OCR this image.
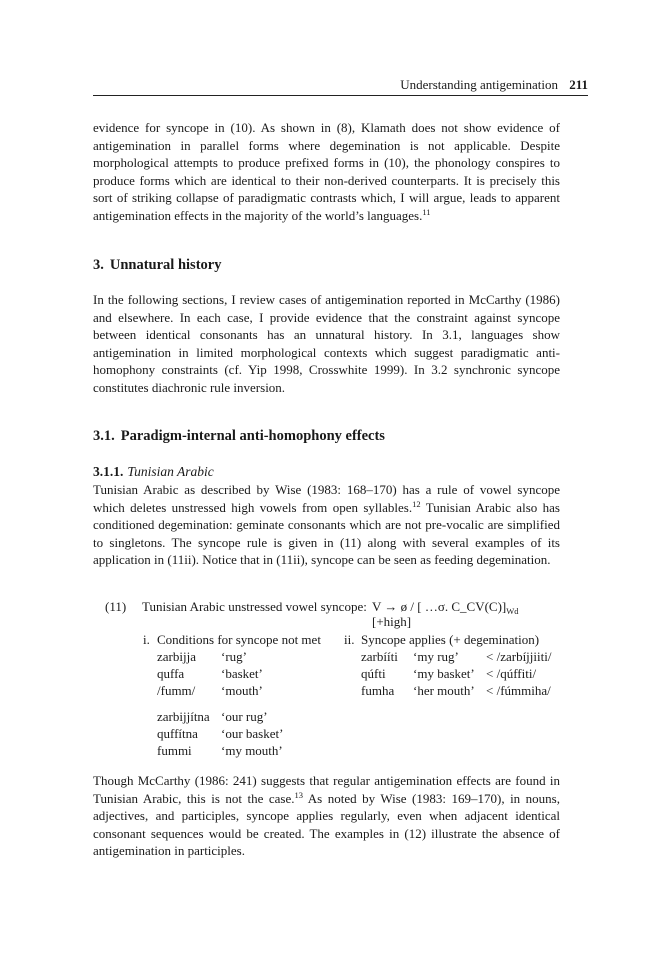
Understanding antigemination 211

evidence for syncope in (10). As shown in (8), Klamath does not show evidence of antigemination in parallel forms where degemination is not applicable. Despite morphological attempts to produce prefixed forms in (10), the phonology conspires to produce forms which are identical to their non-derived counterparts. It is precisely this sort of striking collapse of paradigmatic contrasts which, I will argue, leads to apparent antigemination effects in the majority of the world’s languages.$^{11}$

3. Unnatural history

In the following sections, I review cases of antigemination reported in McCarthy (1986) and elsewhere. In each case, I provide evidence that the constraint against syncope between identical consonants has an unnatural history. In 3.1, languages show antigemination in limited morphological contexts which suggest paradigmatic anti-homophony constraints (cf. Yip 1998, Crosswhite 1999). In 3.2 synchronic syncope constitutes diachronic rule inversion.

3.1. Paradigm-internal anti-homophony effects
3.1.1. Tunisian Arabic

Tunisian Arabic as described by Wise (1983: 168–170) has a rule of vowel syncope which deletes unstressed high vowels from open syllables.$^{12}$ Tunisian Arabic also has conditioned degemination: geminate consonants which are not pre-vocalic are simplified to singletons. The syncope rule is given in (11) along with several examples of its application in (11ii). Notice that in (11ii), syncope can be seen as feeding degemination.

(11) Tunisian Arabic unstressed vowel syncope: V → ø / [ …σ. $C\_CV(C)]_{Wd}$
[+high]
i. Conditions for syncope not met ii. Syncope applies (+ degemination)
zarbijja ‘rug’	zarbííti ‘my rug’ < /zarbíjjiiti/
quffa	‘basket’	qúfti ‘my basket’ < /qúffiti/
/fumm/ ‘mouth’	fumha ‘her mouth’ < /fúmmiha/
zarbijjítna ‘our rug’
quffítna ‘our basket’
fummi ‘my mouth’

Though McCarthy (1986: 241) suggests that regular antigemination effects are found in Tunisian Arabic, this is not the case.$^{13}$ As noted by Wise (1983: 169–170), in nouns, adjectives, and participles, syncope applies regularly, even when adjacent identical consonant sequences would be created. The examples in (12) illustrate the absence of antigemination in participles.
